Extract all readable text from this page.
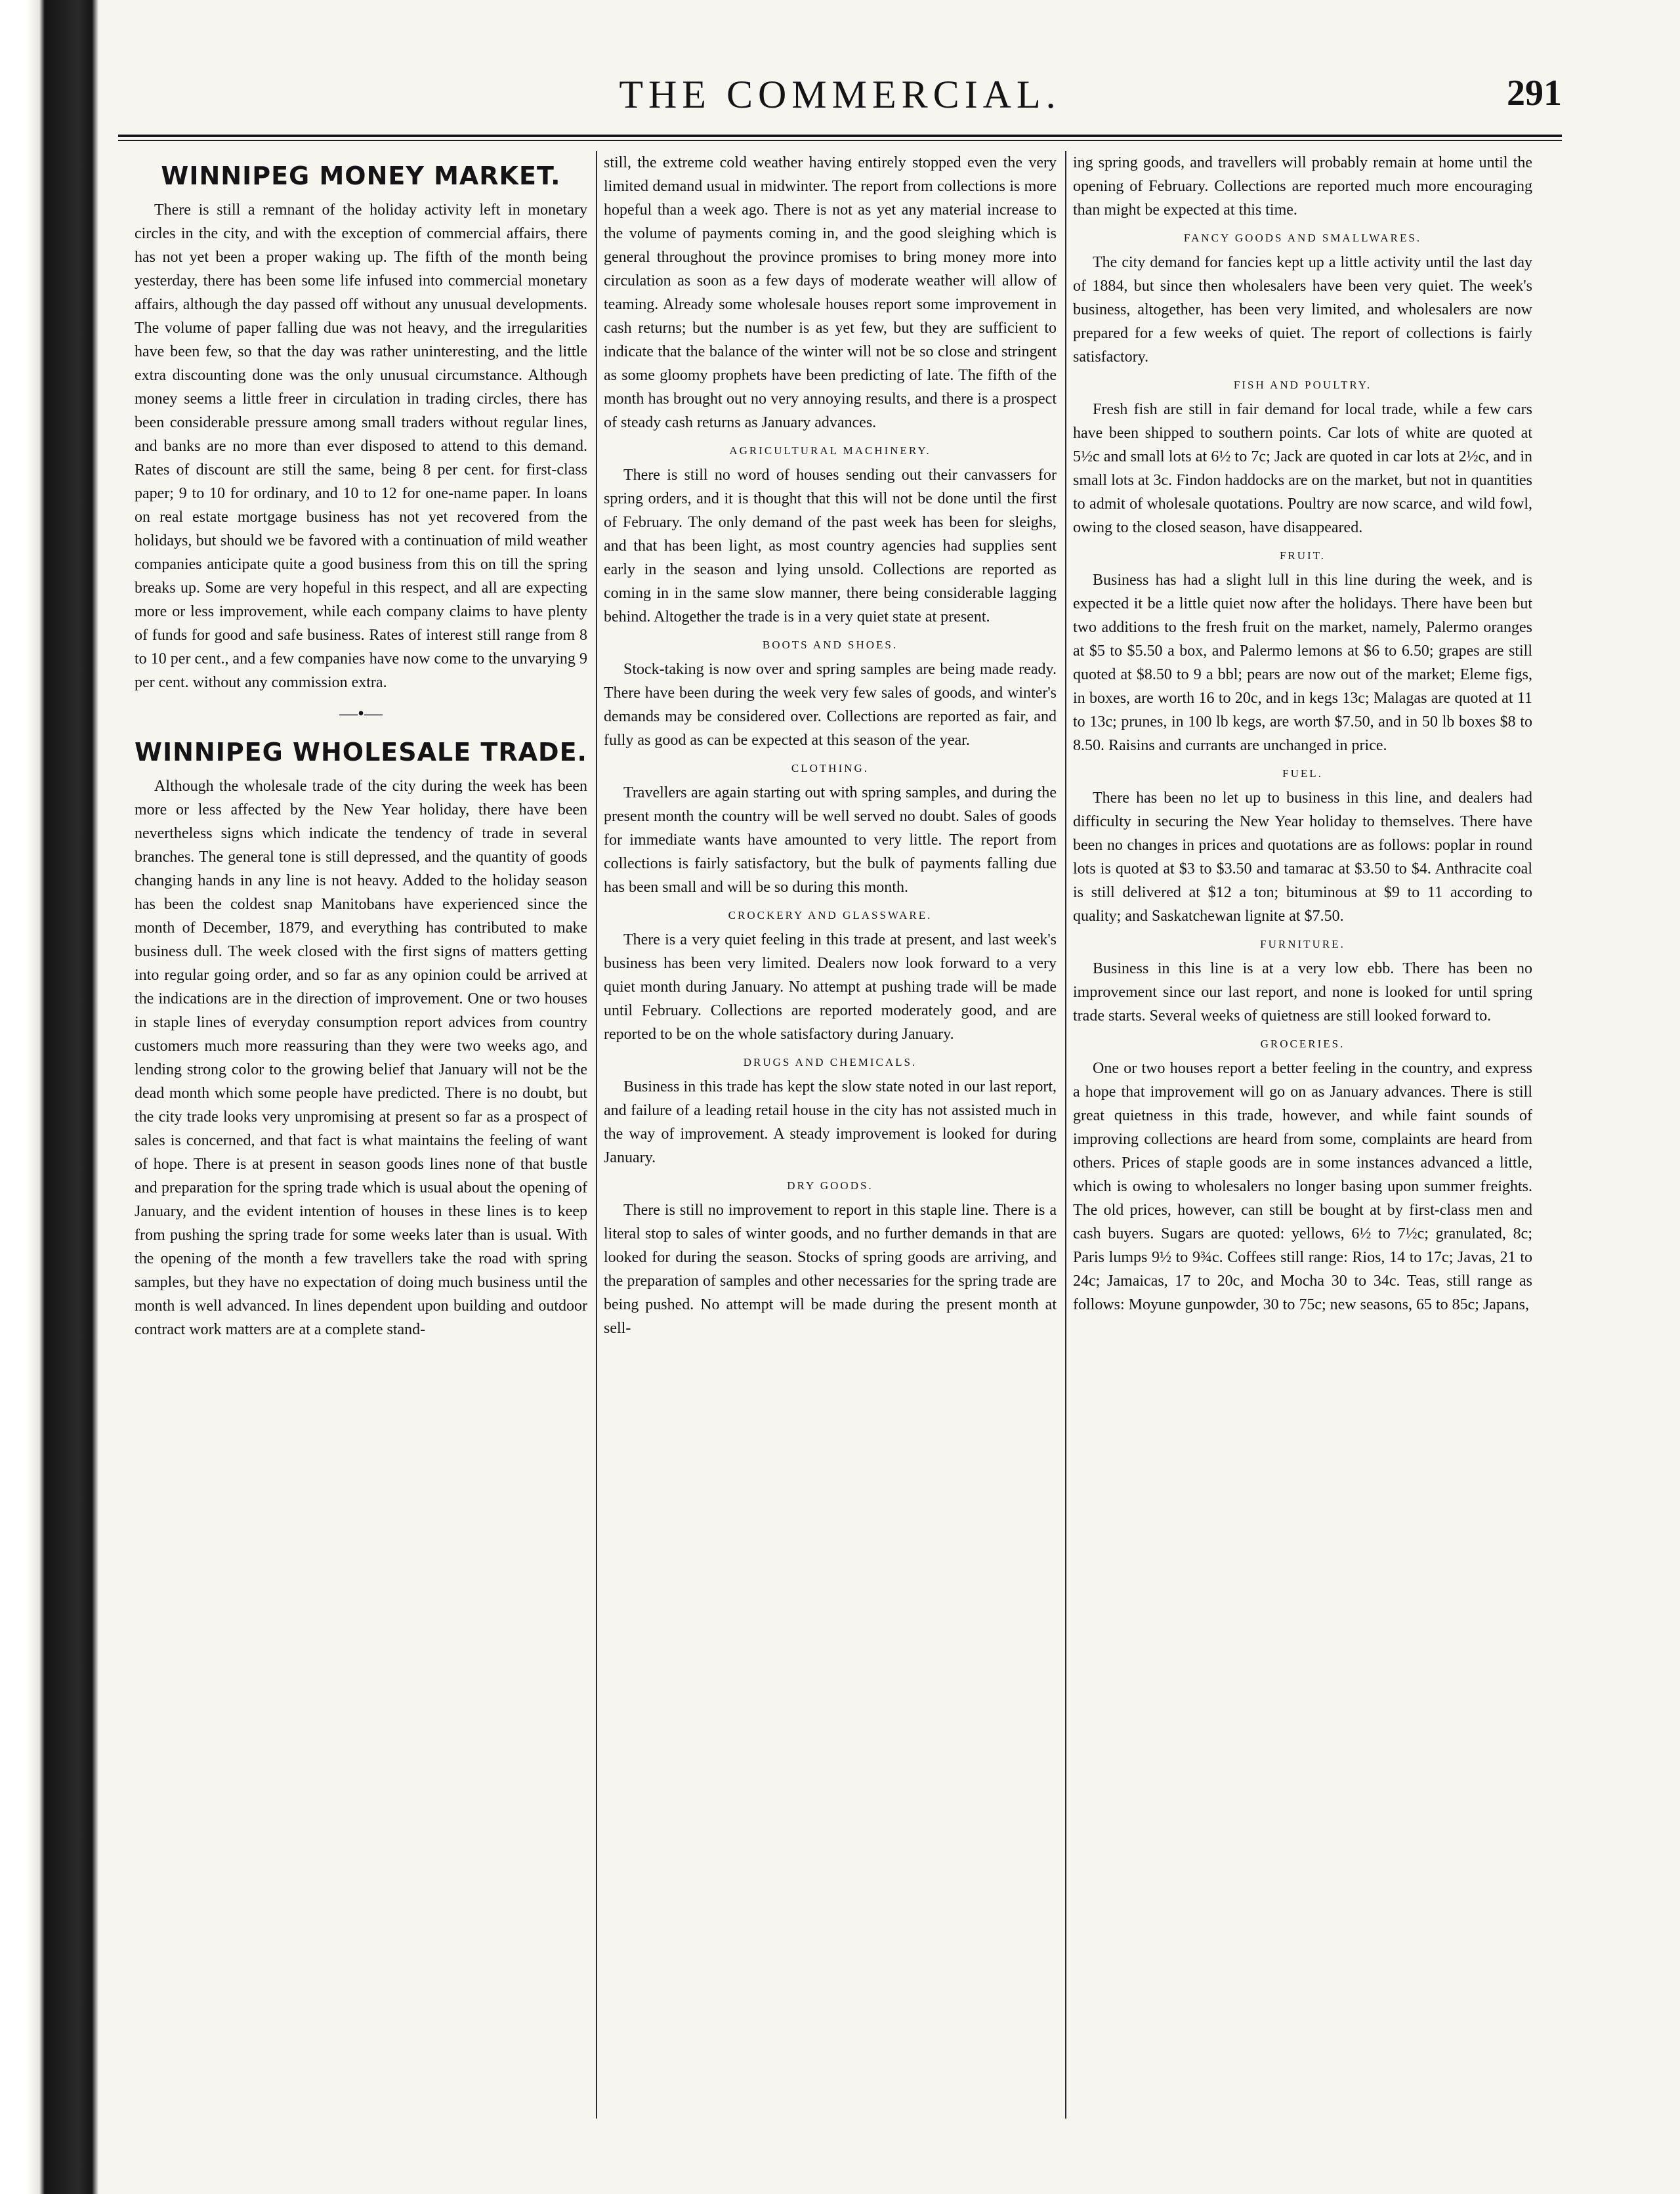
THE COMMERCIAL.	291
WINNIPEG MONEY MARKET.

There is still a remnant of the holiday activity left in monetary circles in the city, and with the exception of commercial affairs, there has not yet been a proper waking up. The fifth of the month being yesterday, there has been some life infused into commercial monetary affairs, although the day passed off without any unusual developments. The volume of paper falling due was not heavy, and the irregularities have been few, so that the day was rather uninteresting, and the little extra discounting done was the only unusual circumstance. Although money seems a little freer in circulation in trading circles, there has been considerable pressure among small traders without regular lines, and banks are no more than ever disposed to attend to this demand. Rates of discount are still the same, being 8 per cent. for first-class paper; 9 to 10 for ordinary, and 10 to 12 for one-name paper. In loans on real estate mortgage business has not yet recovered from the holidays, but should we be favored with a continuation of mild weather companies anticipate quite a good business from this on till the spring breaks up. Some are very hopeful in this respect, and all are expecting more or less improvement, while each company claims to have plenty of funds for good and safe business. Rates of interest still range from 8 to 10 per cent., and a few companies have now come to the unvarying 9 per cent. without any commission extra.

—•—
WINNIPEG WHOLESALE TRADE.

Although the wholesale trade of the city during the week has been more or less affected by the New Year holiday, there have been nevertheless signs which indicate the tendency of trade in several branches. The general tone is still depressed, and the quantity of goods changing hands in any line is not heavy. Added to the holiday season has been the coldest snap Manitobans have experienced since the month of December, 1879, and everything has contributed to make business dull. The week closed with the first signs of matters getting into regular going order, and so far as any opinion could be arrived at the indications are in the direction of improvement. One or two houses in staple lines of everyday consumption report advices from country customers much more reassuring than they were two weeks ago, and lending strong color to the growing belief that January will not be the dead month which some people have predicted. There is no doubt, but the city trade looks very unpromising at present so far as a prospect of sales is concerned, and that fact is what maintains the feeling of want of hope. There is at present in season goods lines none of that bustle and preparation for the spring trade which is usual about the opening of January, and the evident intention of houses in these lines is to keep from pushing the spring trade for some weeks later than is usual. With the opening of the month a few travellers take the road with spring samples, but they have no expectation of doing much business until the month is well advanced. In lines dependent upon building and outdoor contract work matters are at a complete stand-

still, the extreme cold weather having entirely stopped even the very limited demand usual in midwinter. The report from collections is more hopeful than a week ago. There is not as yet any material increase to the volume of payments coming in, and the good sleighing which is general throughout the province promises to bring money more into circulation as soon as a few days of moderate weather will allow of teaming. Already some wholesale houses report some improvement in cash returns; but the number is as yet few, but they are sufficient to indicate that the balance of the winter will not be so close and stringent as some gloomy prophets have been predicting of late. The fifth of the month has brought out no very annoying results, and there is a prospect of steady cash returns as January advances.

AGRICULTURAL MACHINERY.

There is still no word of houses sending out their canvassers for spring orders, and it is thought that this will not be done until the first of February. The only demand of the past week has been for sleighs, and that has been light, as most country agencies had supplies sent early in the season and lying unsold. Collections are reported as coming in in the same slow manner, there being considerable lagging behind. Altogether the trade is in a very quiet state at present.

BOOTS AND SHOES.

Stock-taking is now over and spring samples are being made ready. There have been during the week very few sales of goods, and winter's demands may be considered over. Collections are reported as fair, and fully as good as can be expected at this season of the year.

CLOTHING.

Travellers are again starting out with spring samples, and during the present month the country will be well served no doubt. Sales of goods for immediate wants have amounted to very little. The report from collections is fairly satisfactory, but the bulk of payments falling due has been small and will be so during this month.

CROCKERY AND GLASSWARE.

There is a very quiet feeling in this trade at present, and last week's business has been very limited. Dealers now look forward to a very quiet month during January. No attempt at pushing trade will be made until February. Collections are reported moderately good, and are reported to be on the whole satisfactory during January.

DRUGS AND CHEMICALS.

Business in this trade has kept the slow state noted in our last report, and failure of a leading retail house in the city has not assisted much in the way of improvement. A steady improvement is looked for during January.

DRY GOODS.

There is still no improvement to report in this staple line. There is a literal stop to sales of winter goods, and no further demands in that are looked for during the season. Stocks of spring goods are arriving, and the preparation of samples and other necessaries for the spring trade are being pushed. No attempt will be made during the present month at sell-

ing spring goods, and travellers will probably remain at home until the opening of February. Collections are reported much more encouraging than might be expected at this time.

FANCY GOODS AND SMALLWARES.

The city demand for fancies kept up a little activity until the last day of 1884, but since then wholesalers have been very quiet. The week's business, altogether, has been very limited, and wholesalers are now prepared for a few weeks of quiet. The report of collections is fairly satisfactory.

FISH AND POULTRY.

Fresh fish are still in fair demand for local trade, while a few cars have been shipped to southern points. Car lots of white are quoted at 5½c and small lots at 6½ to 7c; Jack are quoted in car lots at 2½c, and in small lots at 3c. Findon haddocks are on the market, but not in quantities to admit of wholesale quotations. Poultry are now scarce, and wild fowl, owing to the closed season, have disappeared.

FRUIT.

Business has had a slight lull in this line during the week, and is expected it be a little quiet now after the holidays. There have been but two additions to the fresh fruit on the market, namely, Palermo oranges at $5 to $5.50 a box, and Palermo lemons at $6 to 6.50; grapes are still quoted at $8.50 to 9 a bbl; pears are now out of the market; Eleme figs, in boxes, are worth 16 to 20c, and in kegs 13c; Malagas are quoted at 11 to 13c; prunes, in 100 lb kegs, are worth $7.50, and in 50 lb boxes $8 to 8.50. Raisins and currants are unchanged in price.

FUEL.

There has been no let up to business in this line, and dealers had difficulty in securing the New Year holiday to themselves. There have been no changes in prices and quotations are as follows: poplar in round lots is quoted at $3 to $3.50 and tamarac at $3.50 to $4. Anthracite coal is still delivered at $12 a ton; bituminous at $9 to 11 according to quality; and Saskatchewan lignite at $7.50.

FURNITURE.

Business in this line is at a very low ebb. There has been no improvement since our last report, and none is looked for until spring trade starts. Several weeks of quietness are still looked forward to.

GROCERIES.

One or two houses report a better feeling in the country, and express a hope that improvement will go on as January advances. There is still great quietness in this trade, however, and while faint sounds of improving collections are heard from some, complaints are heard from others. Prices of staple goods are in some instances advanced a little, which is owing to wholesalers no longer basing upon summer freights. The old prices, however, can still be bought at by first-class men and cash buyers. Sugars are quoted: yellows, 6½ to 7½c; granulated, 8c; Paris lumps 9½ to 9¾c. Coffees still range: Rios, 14 to 17c; Javas, 21 to 24c; Jamaicas, 17 to 20c, and Mocha 30 to 34c. Teas, still range as follows: Moyune gunpowder, 30 to 75c; new seasons, 65 to 85c; Japans,
